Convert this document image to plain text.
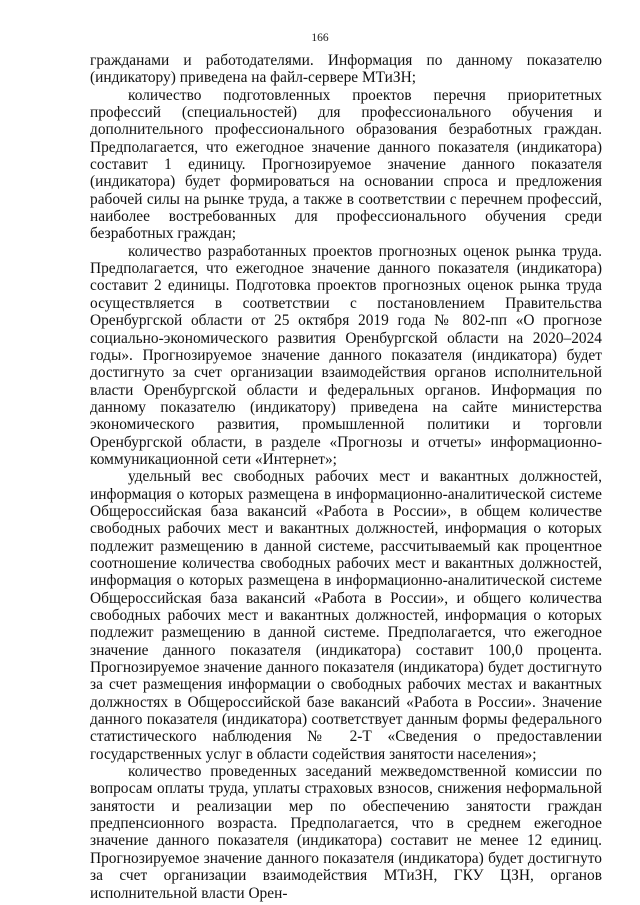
166

гражданами и работодателями. Информация по данному показателю (индикатору) приведена на файл-сервере МТиЗН;

количество подготовленных проектов перечня приоритетных профессий (специальностей) для профессионального обучения и дополнительного профессионального образования безработных граждан. Предполагается, что ежегодное значение данного показателя (индикатора) составит 1 единицу. Прогнозируемое значение данного показателя (индикатора) будет формироваться на основании спроса и предложения рабочей силы на рынке труда, а также в соответствии с перечнем профессий, наиболее востребованных для профессионального обучения среди безработных граждан;

количество разработанных проектов прогнозных оценок рынка труда. Предполагается, что ежегодное значение данного показателя (индикатора) составит 2 единицы. Подготовка проектов прогнозных оценок рынка труда осуществляется в соответствии с постановлением Правительства Оренбургской области от 25 октября 2019 года № 802-пп «О прогнозе социально-экономического развития Оренбургской области на 2020–2024 годы». Прогнозируемое значение данного показателя (индикатора) будет достигнуто за счет организации взаимодействия органов исполнительной власти Оренбургской области и федеральных органов. Информация по данному показателю (индикатору) приведена на сайте министерства экономического развития, промышленной политики и торговли Оренбургской области, в разделе «Прогнозы и отчеты» информационно-коммуникационной сети «Интернет»;

удельный вес свободных рабочих мест и вакантных должностей, информация о которых размещена в информационно-аналитической системе Общероссийская база вакансий «Работа в России», в общем количестве свободных рабочих мест и вакантных должностей, информация о которых подлежит размещению в данной системе, рассчитываемый как процентное соотношение количества свободных рабочих мест и вакантных должностей, информация о которых размещена в информационно-аналитической системе Общероссийская база вакансий «Работа в России», и общего количества свободных рабочих мест и вакантных должностей, информация о которых подлежит размещению в данной системе. Предполагается, что ежегодное значение данного показателя (индикатора) составит 100,0 процента. Прогнозируемое значение данного показателя (индикатора) будет достигнуто за счет размещения информации о свободных рабочих местах и вакантных должностях в Общероссийской базе вакансий «Работа в России». Значение данного показателя (индикатора) соответствует данным формы федерального статистического наблюдения № 2-Т «Сведения о предоставлении государственных услуг в области содействия занятости населения»;

количество проведенных заседаний межведомственной комиссии по вопросам оплаты труда, уплаты страховых взносов, снижения неформальной занятости и реализации мер по обеспечению занятости граждан предпенсионного возраста. Предполагается, что в среднем ежегодное значение данного показателя (индикатора) составит не менее 12 единиц. Прогнозируемое значение данного показателя (индикатора) будет достигнуто за счет организации взаимодействия МТиЗН, ГКУ ЦЗН, органов исполнительной власти Орен-
